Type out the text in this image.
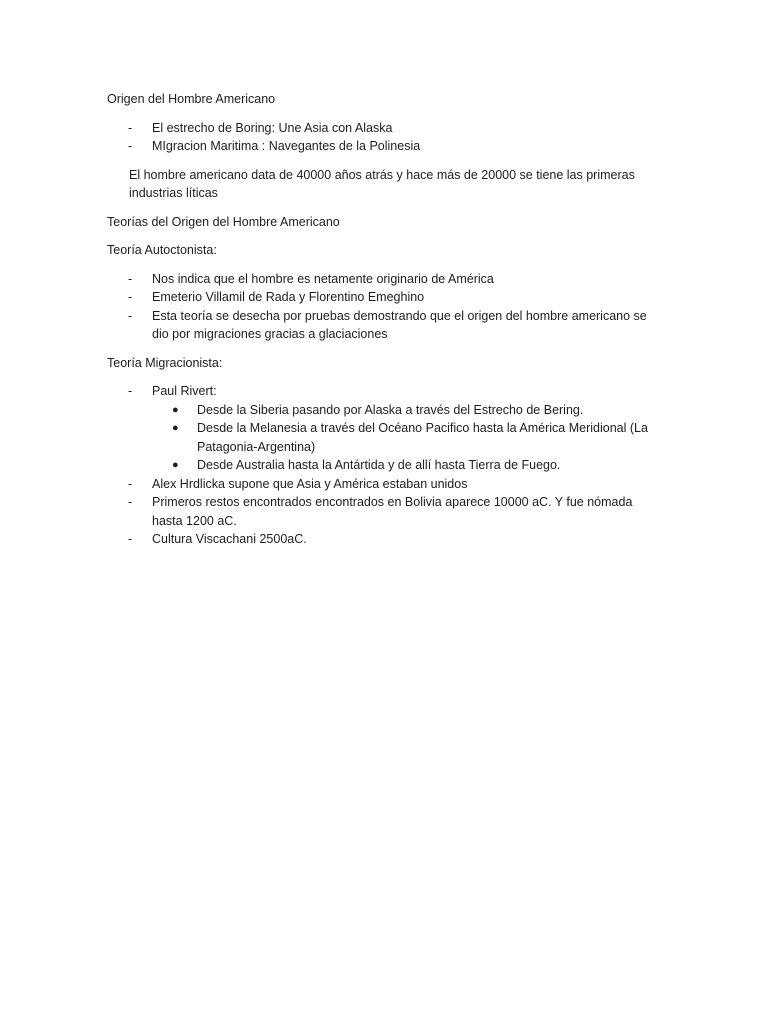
Origen del Hombre Americano

- El estrecho de Boring: Une Asia con Alaska
- MIgracion Maritima : Navegantes de la Polinesia
El hombre americano data de 40000 años atrás y hace más de 20000 se tiene las primeras
industrias líticas

Teorías del Origen del Hombre Americano

Teoría Autoctonista:

- Nos indica que el hombre es netamente originario de América
- Emeterio Villamil de Rada y Florentino Emeghino
- Esta teoría se desecha por pruebas demostrando que el origen del hombre americano se
dio por migraciones gracias a glaciaciones

Teoría Migracionista:

- Paul Rivert:
● Desde la Siberia pasando por Alaska a través del Estrecho de Bering.
● Desde la Melanesia a través del Océano Pacifico hasta la América Meridional (La
Patagonia-Argentina)
● Desde Australia hasta la Antártida y de allí hasta Tierra de Fuego.
- Alex Hrdlicka supone que Asia y América estaban unidos
- Primeros restos encontrados encontrados en Bolivia aparece 10000 aC. Y fue nómada
hasta 1200 aC.
- Cultura Viscachani 2500aC.
